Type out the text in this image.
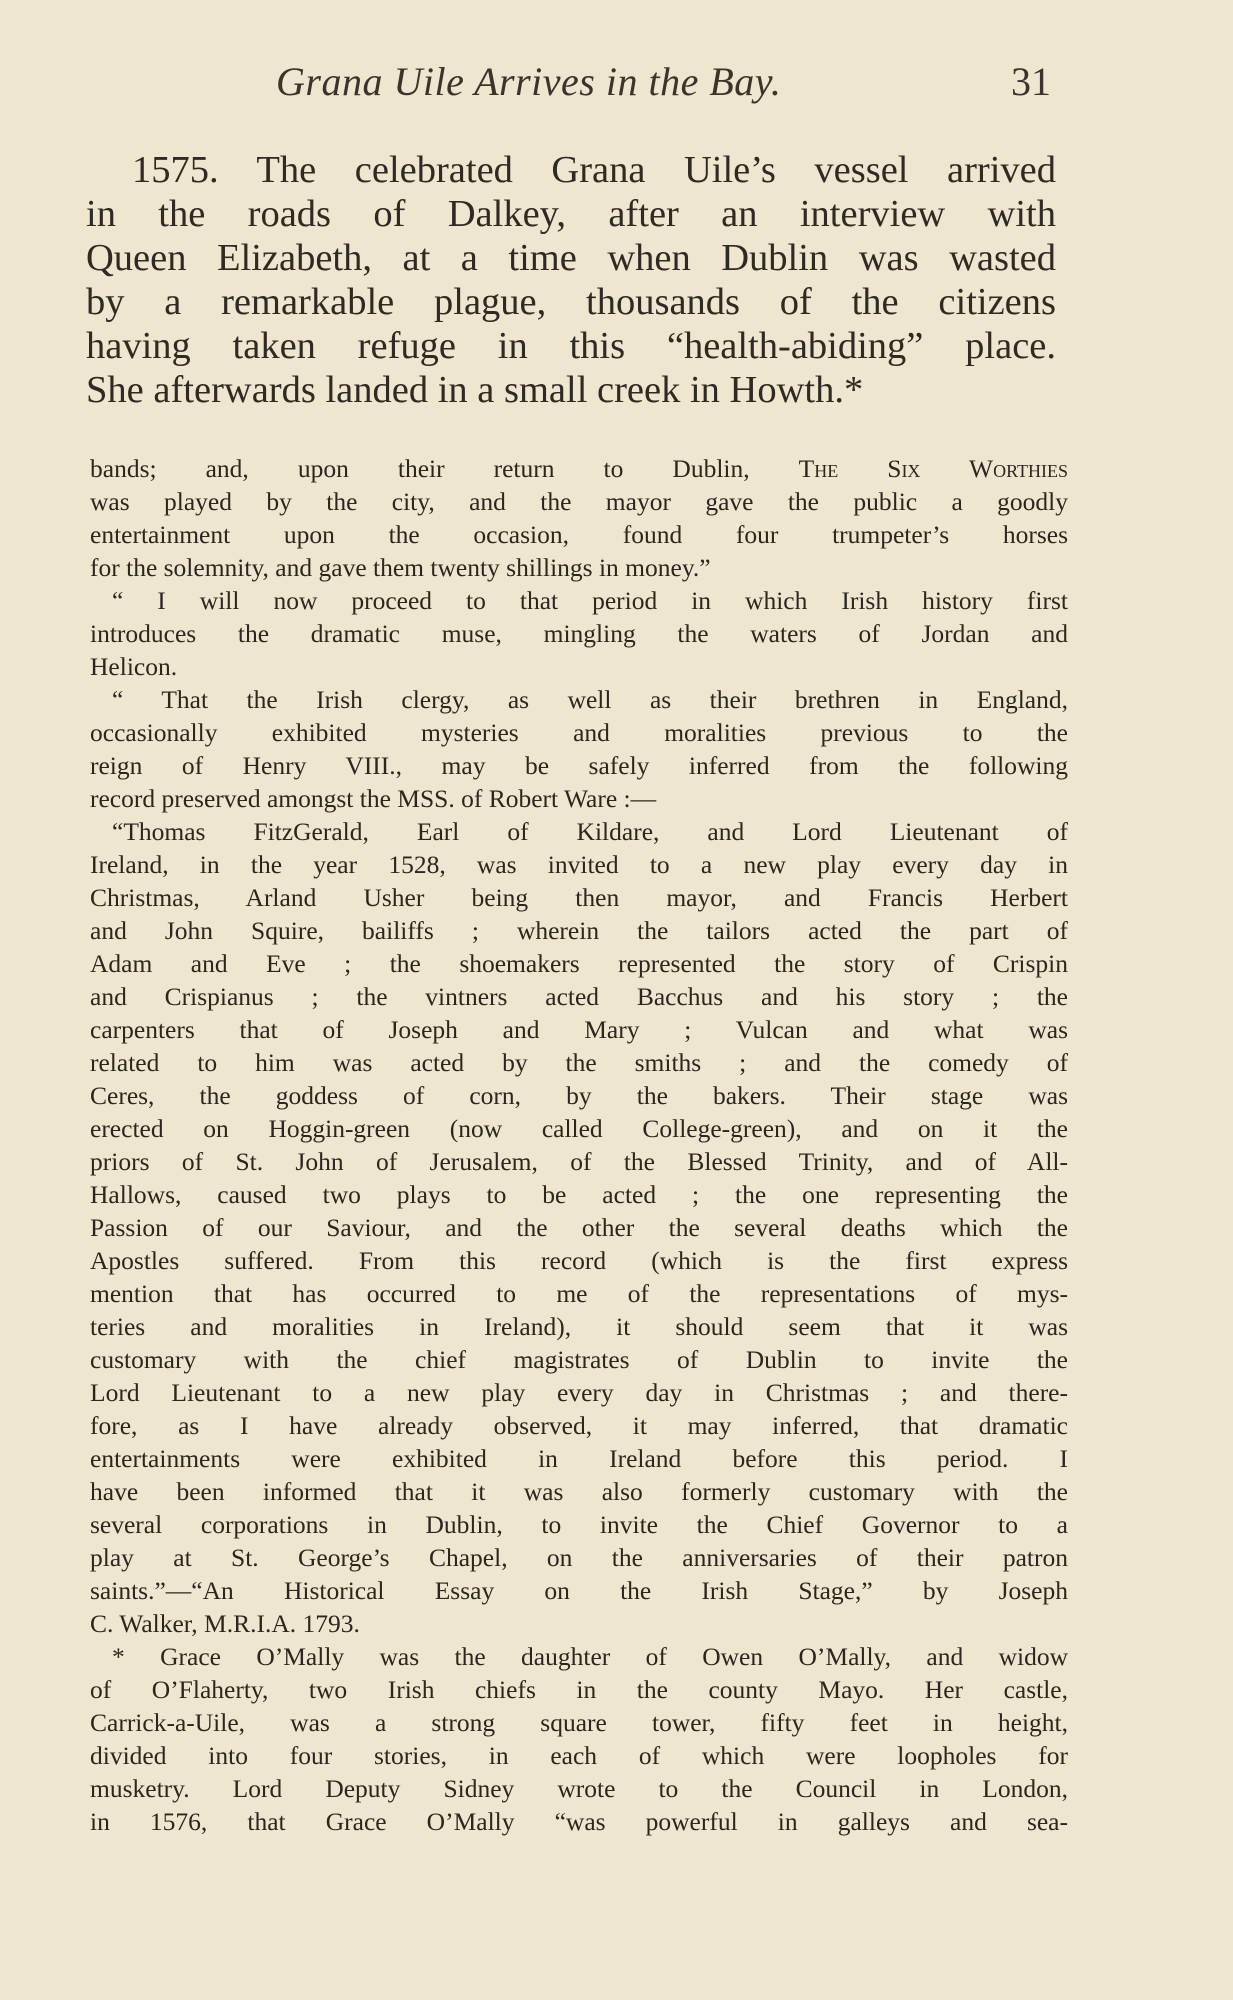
Grana Uile Arrives in the Bay.	31
1575. The celebrated Grana Uile’s vessel arrived
in the roads of Dalkey, after an interview with
Queen Elizabeth, at a time when Dublin was wasted
by a remarkable plague, thousands of the citizens
having taken refuge in this “health-abiding” place.
She afterwards landed in a small creek in Howth.*
bands; and, upon their return to Dublin, The Six Worthies
was played by the city, and the mayor gave the public a goodly
entertainment upon the occasion, found four trumpeter’s horses
for the solemnity, and gave them twenty shillings in money.”
“ I will now proceed to that period in which Irish history first
introduces the dramatic muse, mingling the waters of Jordan and
Helicon.
“ That the Irish clergy, as well as their brethren in England,
occasionally exhibited mysteries and moralities previous to the
reign of Henry VIII., may be safely inferred from the following
record preserved amongst the MSS. of Robert Ware :—
“Thomas FitzGerald, Earl of Kildare, and Lord Lieutenant of
Ireland, in the year 1528, was invited to a new play every day in
Christmas, Arland Usher being then mayor, and Francis Herbert
and John Squire, bailiffs ; wherein the tailors acted the part of
Adam and Eve ; the shoemakers represented the story of Crispin
and Crispianus ; the vintners acted Bacchus and his story ; the
carpenters that of Joseph and Mary ; Vulcan and what was
related to him was acted by the smiths ; and the comedy of
Ceres, the goddess of corn, by the bakers. Their stage was
erected on Hoggin-green (now called College-green), and on it the
priors of St. John of Jerusalem, of the Blessed Trinity, and of All-
Hallows, caused two plays to be acted ; the one representing the
Passion of our Saviour, and the other the several deaths which the
Apostles suffered. From this record (which is the first express
mention that has occurred to me of the representations of mys-
teries and moralities in Ireland), it should seem that it was
customary with the chief magistrates of Dublin to invite the
Lord Lieutenant to a new play every day in Christmas ; and there-
fore, as I have already observed, it may inferred, that dramatic
entertainments were exhibited in Ireland before this period. I
have been informed that it was also formerly customary with the
several corporations in Dublin, to invite the Chief Governor to a
play at St. George’s Chapel, on the anniversaries of their patron
saints.”—“An Historical Essay on the Irish Stage,” by Joseph
C. Walker, M.R.I.A. 1793.
* Grace O’Mally was the daughter of Owen O’Mally, and widow
of O’Flaherty, two Irish chiefs in the county Mayo. Her castle,
Carrick-a-Uile, was a strong square tower, fifty feet in height,
divided into four stories, in each of which were loopholes for
musketry. Lord Deputy Sidney wrote to the Council in London,
in 1576, that Grace O’Mally “was powerful in galleys and sea-
